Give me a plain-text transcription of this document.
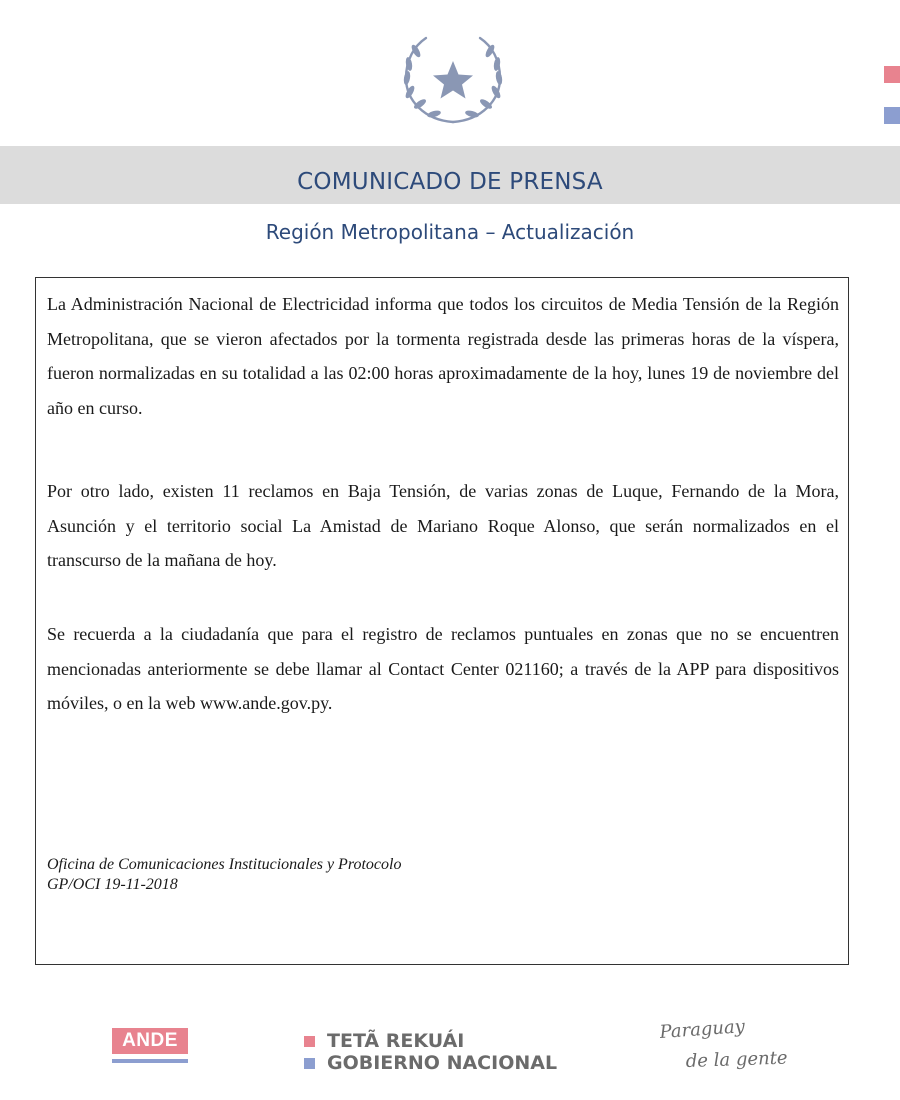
COMUNICADO DE PRENSA
Región Metropolitana – Actualización

La Administración Nacional de Electricidad informa que todos los circuitos de Media Tensión de la Región Metropolitana, que se vieron afectados por la tormenta registrada desde las primeras horas de la víspera, fueron normalizadas en su totalidad a las 02:00 horas aproximadamente de la hoy, lunes 19 de noviembre del año en curso.

Por otro lado, existen 11 reclamos en Baja Tensión, de varias zonas de Luque, Fernando de la Mora, Asunción y el territorio social La Amistad de Mariano Roque Alonso, que serán normalizados en el transcurso de la mañana de hoy.

Se recuerda a la ciudadanía que para el registro de reclamos puntuales en zonas que no se encuentren mencionadas anteriormente se debe llamar al Contact Center 021160; a través de la APP para dispositivos móviles, o en la web www.ande.gov.py.

Oficina de Comunicaciones Institucionales y Protocolo
GP/OCI 19-11-2018
ANDE	TETÃ REKUÁI
GOBIERNO NACIONAL
Paraguay
de la gente
